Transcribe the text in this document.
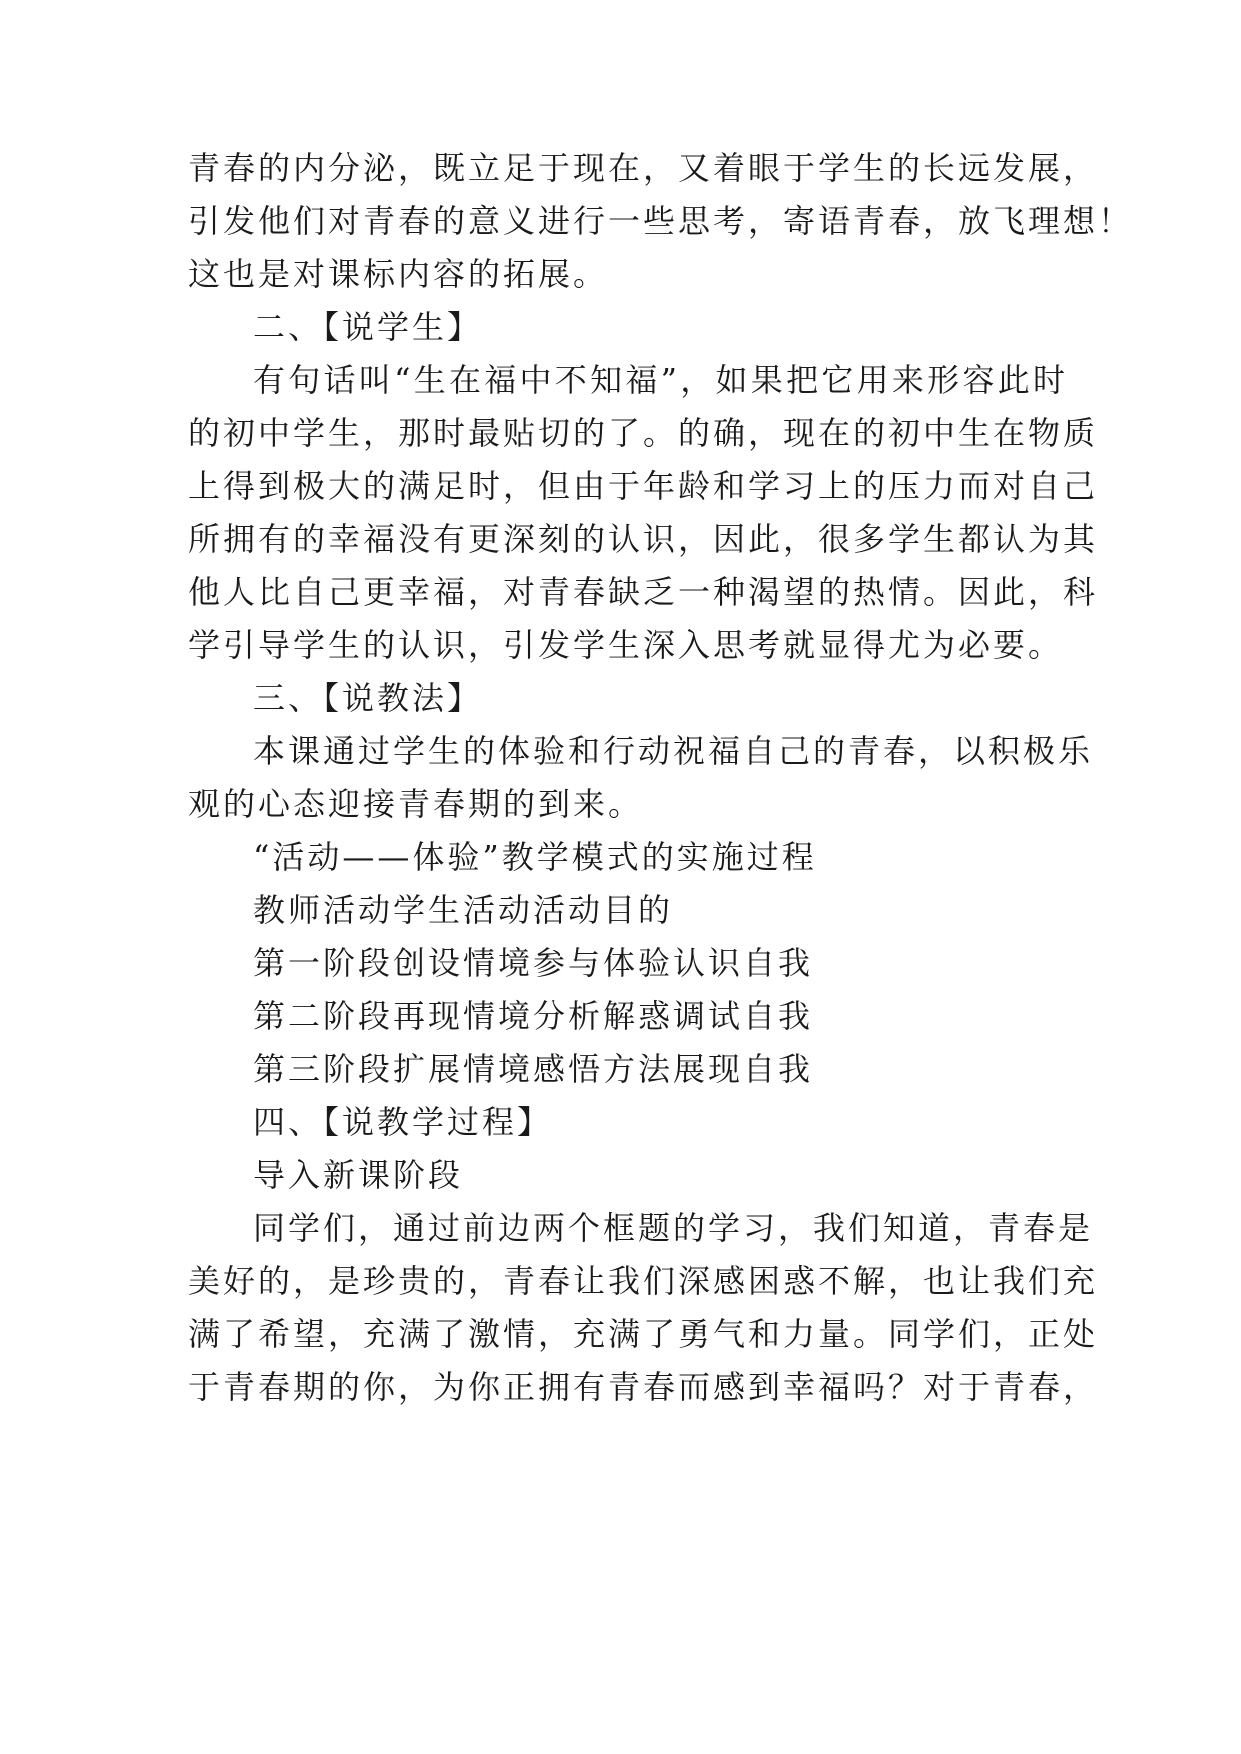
青春的内分泌，既立足于现在，又着眼于学生的长远发展，
引发他们对青春的意义进行一些思考，寄语青春，放飞理想！
这也是对课标内容的拓展。
二、【说学生】
有句话叫“生在福中不知福”，如果把它用来形容此时
的初中学生，那时最贴切的了。的确，现在的初中生在物质
上得到极大的满足时，但由于年龄和学习上的压力而对自己
所拥有的幸福没有更深刻的认识，因此，很多学生都认为其
他人比自己更幸福，对青春缺乏一种渴望的热情。因此，科
学引导学生的认识，引发学生深入思考就显得尤为必要。
三、【说教法】
本课通过学生的体验和行动祝福自己的青春，以积极乐
观的心态迎接青春期的到来。
“活动——体验”教学模式的实施过程
教师活动学生活动活动目的
第一阶段创设情境参与体验认识自我
第二阶段再现情境分析解惑调试自我
第三阶段扩展情境感悟方法展现自我
四、【说教学过程】
导入新课阶段
同学们，通过前边两个框题的学习，我们知道，青春是
美好的，是珍贵的，青春让我们深感困惑不解，也让我们充
满了希望，充满了激情，充满了勇气和力量。同学们，正处
于青春期的你，为你正拥有青春而感到幸福吗？对于青春，
